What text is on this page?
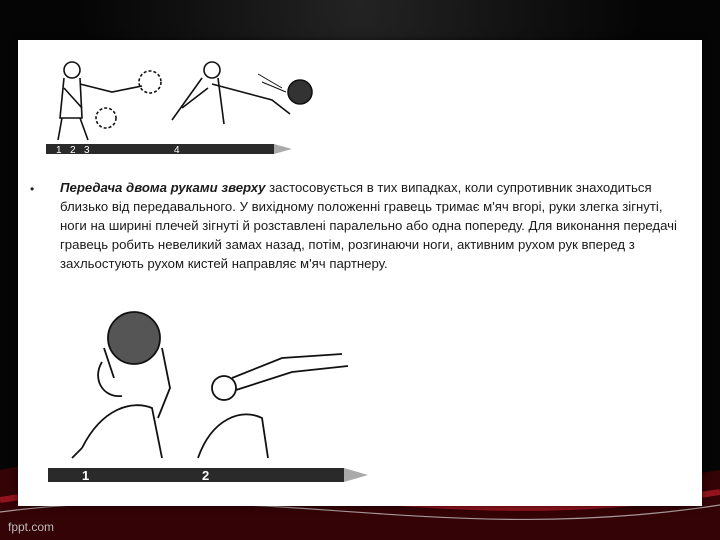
1 2 3	4
• Передача двома руками зверху застосовується в тих випадках, коли супротивник знаходиться близько від передавального. У вихідному положенні гравець тримає м'яч вгорі, руки злегка зігнуті, ноги на ширині плечей зігнуті й розставлені паралельно або одна попереду. Для виконання передачі гравець робить невеликий замах назад, потім, розгинаючи ноги, активним рухом рук вперед з захльостують рухом кистей направляє м'яч партнеру.
1	2
fppt.com
